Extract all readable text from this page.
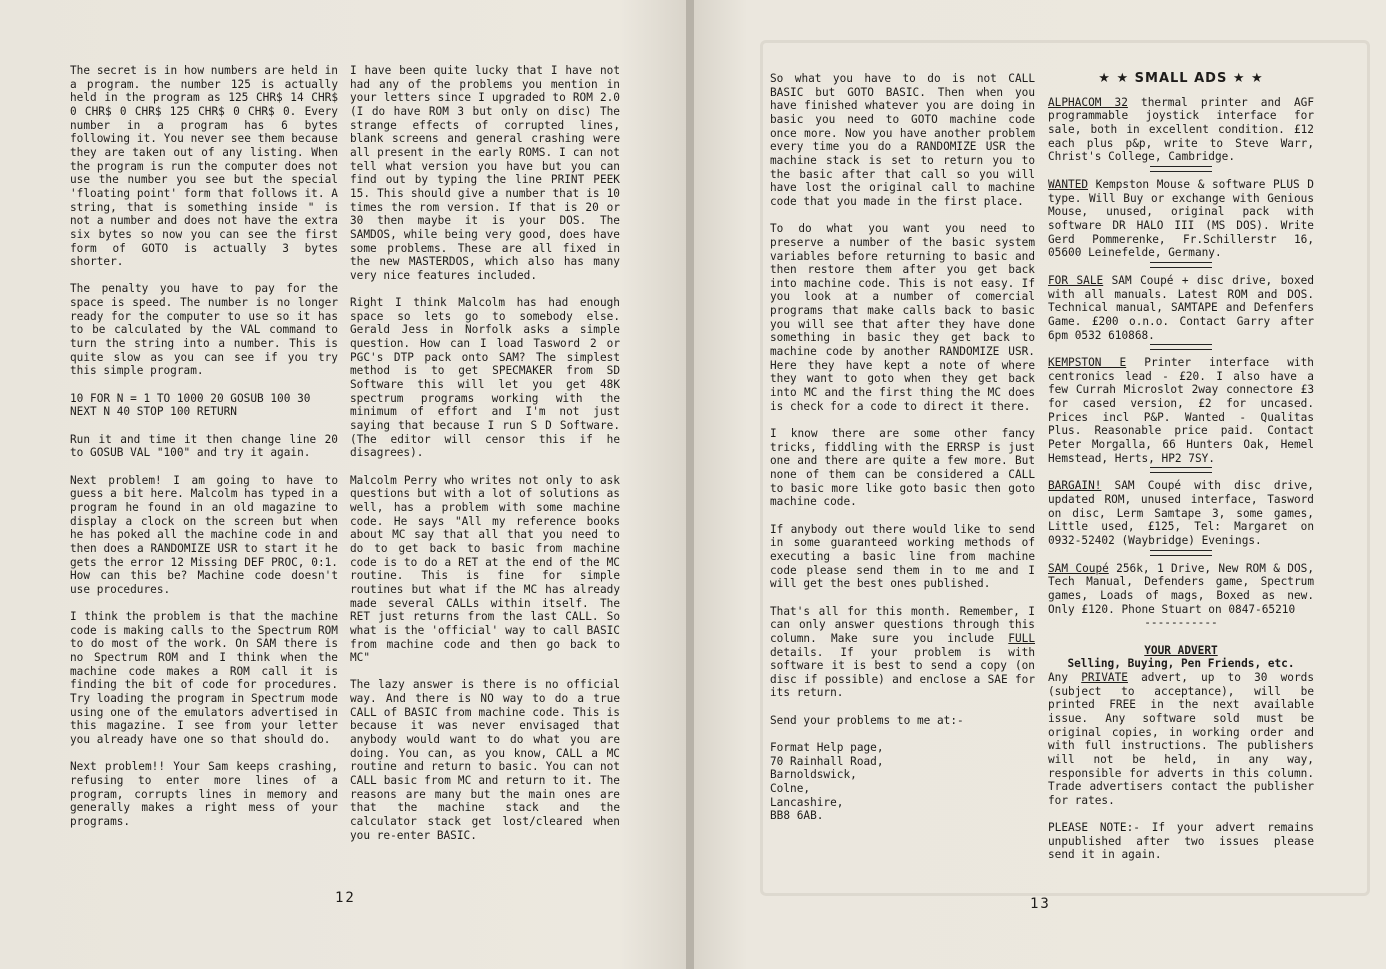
The secret is in how numbers are held in a program. the number 125 is actually held in the program as 125 CHR$ 14 CHR$ 0 CHR$ 0 CHR$ 125 CHR$ 0 CHR$ 0. Every number in a program has 6 bytes following it. You never see them because they are taken out of any listing. When the program is run the computer does not use the number you see but the special 'floating point' form that follows it. A string, that is something inside " is not a number and does not have the extra six bytes so now you can see the first form of GOTO is actually 3 bytes shorter.

The penalty you have to pay for the space is speed. The number is no longer ready for the computer to use so it has to be calculated by the VAL command to turn the string into a number. This is quite slow as you can see if you try this simple program.

10 FOR N = 1 TO 1000 20 GOSUB 100 30 NEXT N 40 STOP 100 RETURN

Run it and time it then change line 20 to GOSUB VAL "100" and try it again.

Next problem! I am going to have to guess a bit here. Malcolm has typed in a program he found in an old magazine to display a clock on the screen but when he has poked all the machine code in and then does a RANDOMIZE USR to start it he gets the error 12 Missing DEF PROC, 0:1. How can this be? Machine code doesn't use procedures.

I think the problem is that the machine code is making calls to the Spectrum ROM to do most of the work. On SAM there is no Spectrum ROM and I think when the machine code makes a ROM call it is finding the bit of code for procedures. Try loading the program in Spectrum mode using one of the emulators advertised in this magazine. I see from your letter you already have one so that should do.

Next problem!! Your Sam keeps crashing, refusing to enter more lines of a program, corrupts lines in memory and generally makes a right mess of your programs.

I have been quite lucky that I have not had any of the problems you mention in your letters since I upgraded to ROM 2.0 (I do have ROM 3 but only on disc) The strange effects of corrupted lines, blank screens and general crashing were all present in the early ROMS. I can not tell what version you have but you can find out by typing the line PRINT PEEK 15. This should give a number that is 10 times the rom version. If that is 20 or 30 then maybe it is your DOS. The SAMDOS, while being very good, does have some problems. These are all fixed in the new MASTERDOS, which also has many very nice features included.

Right I think Malcolm has had enough space so lets go to somebody else. Gerald Jess in Norfolk asks a simple question. How can I load Tasword 2 or PGC's DTP pack onto SAM? The simplest method is to get SPECMAKER from SD Software this will let you get 48K spectrum programs working with the minimum of effort and I'm not just saying that because I run S D Software. (The editor will censor this if he disagrees).

Malcolm Perry who writes not only to ask questions but with a lot of solutions as well, has a problem with some machine code. He says "All my reference books about MC say that all that you need to do to get back to basic from machine code is to do a RET at the end of the MC routine. This is fine for simple routines but what if the MC has already made several CALLs within itself. The RET just returns from the last CALL. So what is the 'official' way to call BASIC from machine code and then go back to MC"

The lazy answer is there is no official way. And there is NO way to do a true CALL of BASIC from machine code. This is because it was never envisaged that anybody would want to do what you are doing. You can, as you know, CALL a MC routine and return to basic. You can not CALL basic from MC and return to it. The reasons are many but the main ones are that the machine stack and the calculator stack get lost/cleared when you re-enter BASIC.

12

So what you have to do is not CALL BASIC but GOTO BASIC. Then when you have finished whatever you are doing in basic you need to GOTO machine code once more. Now you have another problem every time you do a RANDOMIZE USR the machine stack is set to return you to the basic after that call so you will have lost the original call to machine code that you made in the first place.

To do what you want you need to preserve a number of the basic system variables before returning to basic and then restore them after you get back into machine code. This is not easy. If you look at a number of comercial programs that make calls back to basic you will see that after they have done something in basic they get back to machine code by another RANDOMIZE USR. Here they have kept a note of where they want to goto when they get back into MC and the first thing the MC does is check for a code to direct it there.

I know there are some other fancy tricks, fiddling with the ERRSP is just one and there are quite a few more. But none of them can be considered a CALL to basic more like goto basic then goto machine code.

If anybody out there would like to send in some guaranteed working methods of executing a basic line from machine code please send them in to me and I will get the best ones published.

That's all for this month. Remember, I can only answer questions through this column. Make sure you include FULL details. If your problem is with software it is best to send a copy (on disc if possible) and enclose a SAE for its return.

Send your problems to me at:-

Format Help page,
70 Rainhall Road,
Barnoldswick,
Colne,
Lancashire,
BB8 6AB.
★ ★ SMALL ADS ★ ★

ALPHACOM 32 thermal printer and AGF programmable joystick interface for sale, both in excellent condition. £12 each plus p&p, write to Steve Warr, Christ's College, Cambridge.

WANTED Kempston Mouse & software PLUS D type. Will Buy or exchange with Genious Mouse, unused, original pack with software DR HALO III (MS DOS). Write Gerd Pommerenke, Fr.Schillerstr 16, 05600 Leinefelde, Germany.

FOR SALE SAM Coupé + disc drive, boxed with all manuals. Latest ROM and DOS. Technical manual, SAMTAPE and Defenfers Game. £200 o.n.o. Contact Garry after 6pm 0532 610868.

KEMPSTON E Printer interface with centronics lead - £20. I also have a few Currah Microslot 2way connectore £3 for cased version, £2 for uncased. Prices incl P&P. Wanted - Qualitas Plus. Reasonable price paid. Contact Peter Morgalla, 66 Hunters Oak, Hemel Hemstead, Herts, HP2 7SY.

BARGAIN! SAM Coupé with disc drive, updated ROM, unused interface, Tasword on disc, Lerm Samtape 3, some games, Little used, £125, Tel: Margaret on 0932-52402 (Waybridge) Evenings.

SAM Coupé 256k, 1 Drive, New ROM & DOS, Tech Manual, Defenders game, Spectrum games, Loads of mags, Boxed as new. Only £120. Phone Stuart on 0847-65210

-----------

YOUR ADVERT
Selling, Buying, Pen Friends, etc.

Any PRIVATE advert, up to 30 words (subject to acceptance), will be printed FREE in the next available issue. Any software sold must be original copies, in working order and with full instructions. The publishers will not be held, in any way, responsible for adverts in this column. Trade advertisers contact the publisher for rates.

PLEASE NOTE:- If your advert remains unpublished after two issues please send it in again.

13
